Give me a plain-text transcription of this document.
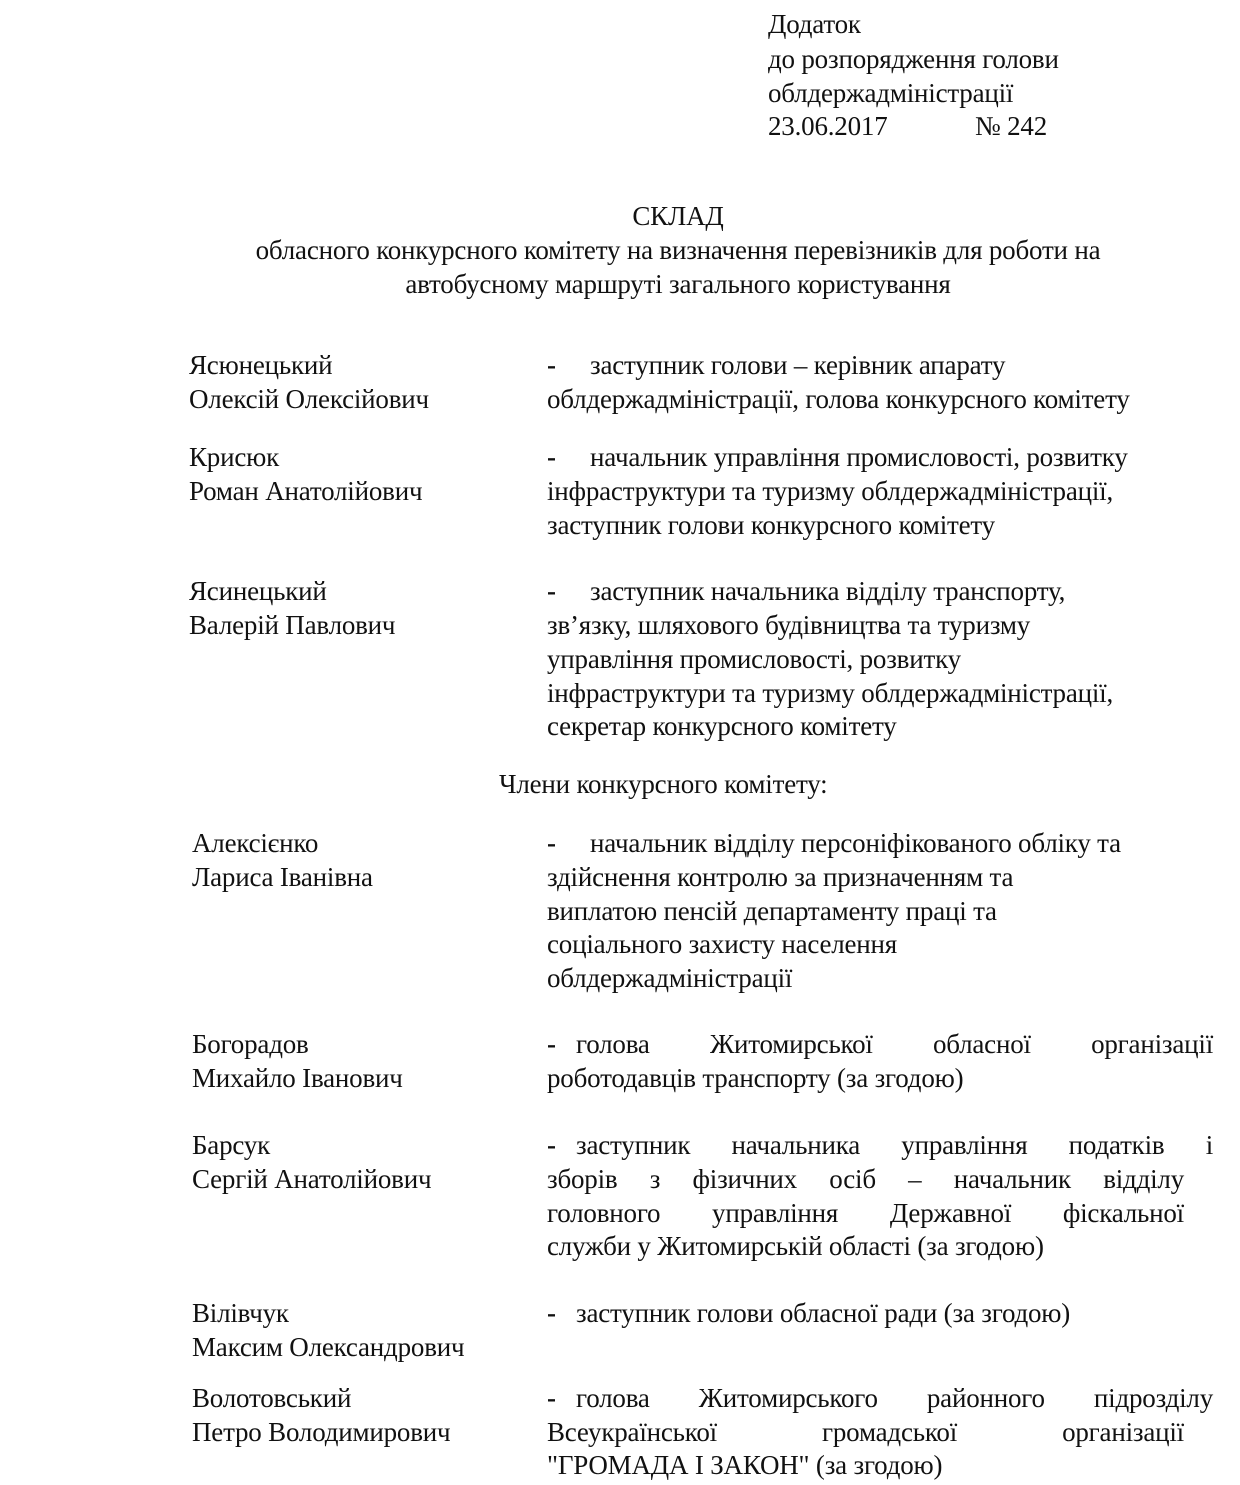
Додаток
до розпорядження голови
облдержадміністрації
23.06.2017	№ 242
СКЛАД
обласного конкурсного комітету на визначення перевізників для роботи на
автобусному маршруті загального користування
Ясюнецький
Олексій Олексійович
- заступник голови – керівник апарату
облдержадміністрації, голова конкурсного комітету
Крисюк
Роман Анатолійович
- начальник управління промисловості, розвитку
інфраструктури та туризму облдержадміністрації,
заступник голови конкурсного комітету
Ясинецький
Валерій Павлович
- заступник начальника відділу транспорту,
зв’язку, шляхового будівництва та туризму
управління промисловості, розвитку
інфраструктури та туризму облдержадміністрації,
секретар конкурсного комітету
Члени конкурсного комітету:
Алексієнко
Лариса Іванівна
- начальник відділу персоніфікованого обліку та
здійснення контролю за призначенням та
виплатою пенсій департаменту праці та
соціального захисту населення
облдержадміністрації
Богорадов
Михайло Іванович
- голова Житомирської обласної організації
роботодавців транспорту (за згодою)
Барсук
Сергій Анатолійович
- заступник начальника управління податків і
зборів з фізичних осіб – начальник відділу
головного управління Державної фіскальної
служби у Житомирській області (за згодою)
Вілівчук
Максим Олександрович
- заступник голови обласної ради (за згодою)
Волотовський
Петро Володимирович
- голова Житомирського районного підрозділу
Всеукраїнської громадської організації
"ГРОМАДА І ЗАКОН" (за згодою)
